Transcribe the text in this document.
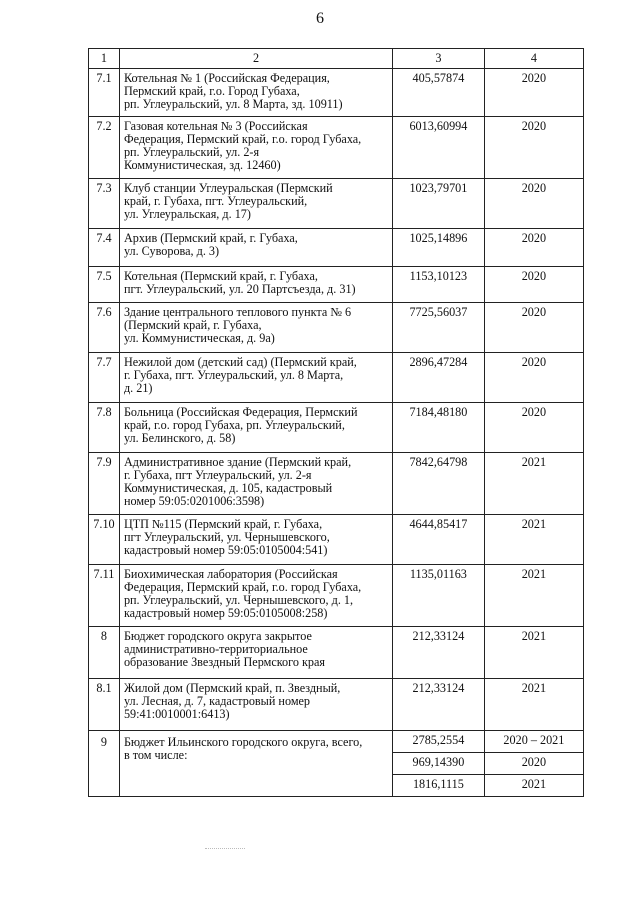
6
1	2	3	4
7.1	Котельная № 1 (Российская Федерация,
Пермский край, г.о. Город Губаха,
рп. Углеуральский, ул. 8 Марта, зд. 10911)	405,57874	2020
7.2	Газовая котельная № 3 (Российская
Федерация, Пермский край, г.о. город Губаха,
рп. Углеуральский, ул. 2-я
Коммунистическая, зд. 12460)	6013,60994	2020
7.3	Клуб станции Углеуральская (Пермский
край, г. Губаха, пгт. Углеуральский,
ул. Углеуральская, д. 17)	1023,79701	2020
7.4	Архив (Пермский край, г. Губаха,
ул. Суворова, д. 3)	1025,14896	2020
7.5	Котельная (Пермский край, г. Губаха,
пгт. Углеуральский, ул. 20 Партсъезда, д. 31)	1153,10123	2020
7.6	Здание центрального теплового пункта № 6
(Пермский край, г. Губаха,
ул. Коммунистическая, д. 9а)	7725,56037	2020
7.7	Нежилой дом (детский сад) (Пермский край,
г. Губаха, пгт. Углеуральский, ул. 8 Марта,
д. 21)	2896,47284	2020
7.8	Больница (Российская Федерация, Пермский
край, г.о. город Губаха, рп. Углеуральский,
ул. Белинского, д. 58)	7184,48180	2020
7.9	Административное здание (Пермский край,
г. Губаха, пгт Углеуральский, ул. 2-я
Коммунистическая, д. 105, кадастровый
номер 59:05:0201006:3598)	7842,64798	2021
7.10	ЦТП №115 (Пермский край, г. Губаха,
пгт Углеуральский, ул. Чернышевского,
кадастровый номер 59:05:0105004:541)	4644,85417	2021
7.11	Биохимическая лаборатория (Российская
Федерация, Пермский край, г.о. город Губаха,
рп. Углеуральский, ул. Чернышевского, д. 1,
кадастровый номер 59:05:0105008:258)	1135,01163	2021
8	Бюджет городского округа закрытое
административно-территориальное
образование Звездный Пермского края	212,33124	2021
8.1	Жилой дом (Пермский край, п. Звездный,
ул. Лесная, д. 7, кадастровый номер
59:41:0010001:6413)	212,33124	2021
9	Бюджет Ильинского городского округа, всего,
в том числе:	2785,2554	2020 – 2021
		969,14390	2020
		1816,1115	2021
